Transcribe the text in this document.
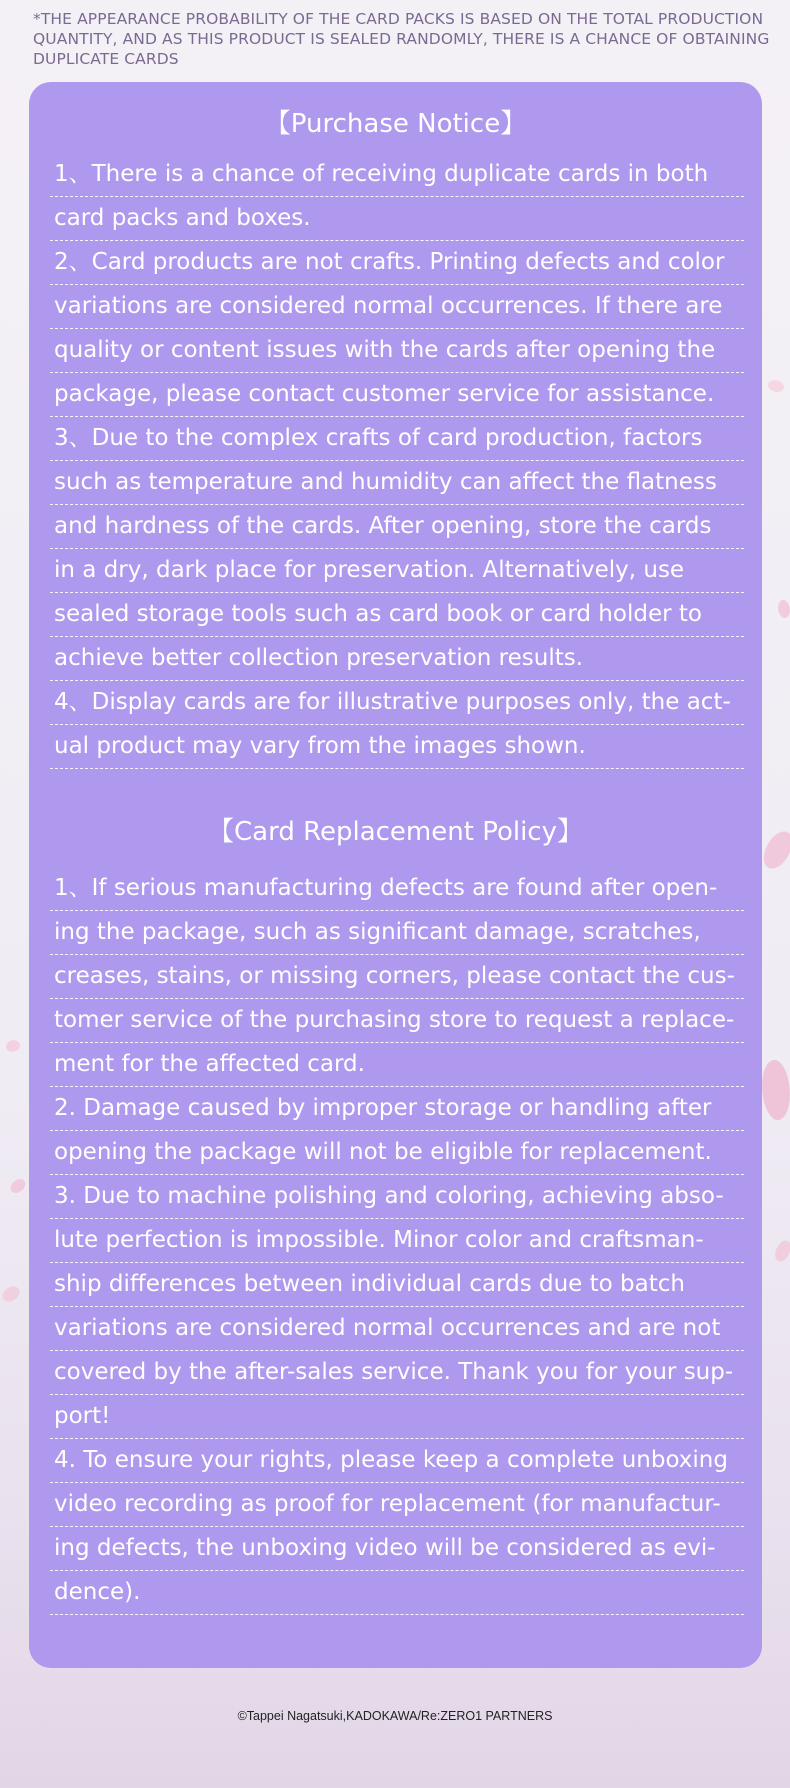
*THE APPEARANCE PROBABILITY OF THE CARD PACKS IS BASED ON THE TOTAL PRODUCTION QUANTITY, AND AS THIS PRODUCT IS SEALED RANDOMLY, THERE IS A CHANCE OF OBTAINING DUPLICATE CARDS
【Purchase Notice】
1、There is a chance of receiving duplicate cards in both
card packs and boxes.
2、Card products are not crafts. Printing defects and color
variations are considered normal occurrences. If there are
quality or content issues with the cards after opening the
package, please contact customer service for assistance.
3、Due to the complex crafts of card production, factors
such as temperature and humidity can affect the flatness
and hardness of the cards. After opening, store the cards
in a dry, dark place for preservation. Alternatively, use
sealed storage tools such as card book or card holder to
achieve better collection preservation results.
4、Display cards are for illustrative purposes only, the act-
ual product may vary from the images shown.
【Card Replacement Policy】
1、If serious manufacturing defects are found after open-
ing the package, such as significant damage, scratches,
creases, stains, or missing corners, please contact the cus-
tomer service of the purchasing store to request a replace-
ment for the affected card.
2. Damage caused by improper storage or handling after
opening the package will not be eligible for replacement.
3. Due to machine polishing and coloring, achieving abso-
lute perfection is impossible. Minor color and craftsman-
ship differences between individual cards due to batch
variations are considered normal occurrences and are not
covered by the after-sales service. Thank you for your sup-
port!
4. To ensure your rights, please keep a complete unboxing
video recording as proof for replacement (for manufactur-
ing defects, the unboxing video will be considered as evi-
dence).
©Tappei Nagatsuki,KADOKAWA/Re:ZERO1 PARTNERS
